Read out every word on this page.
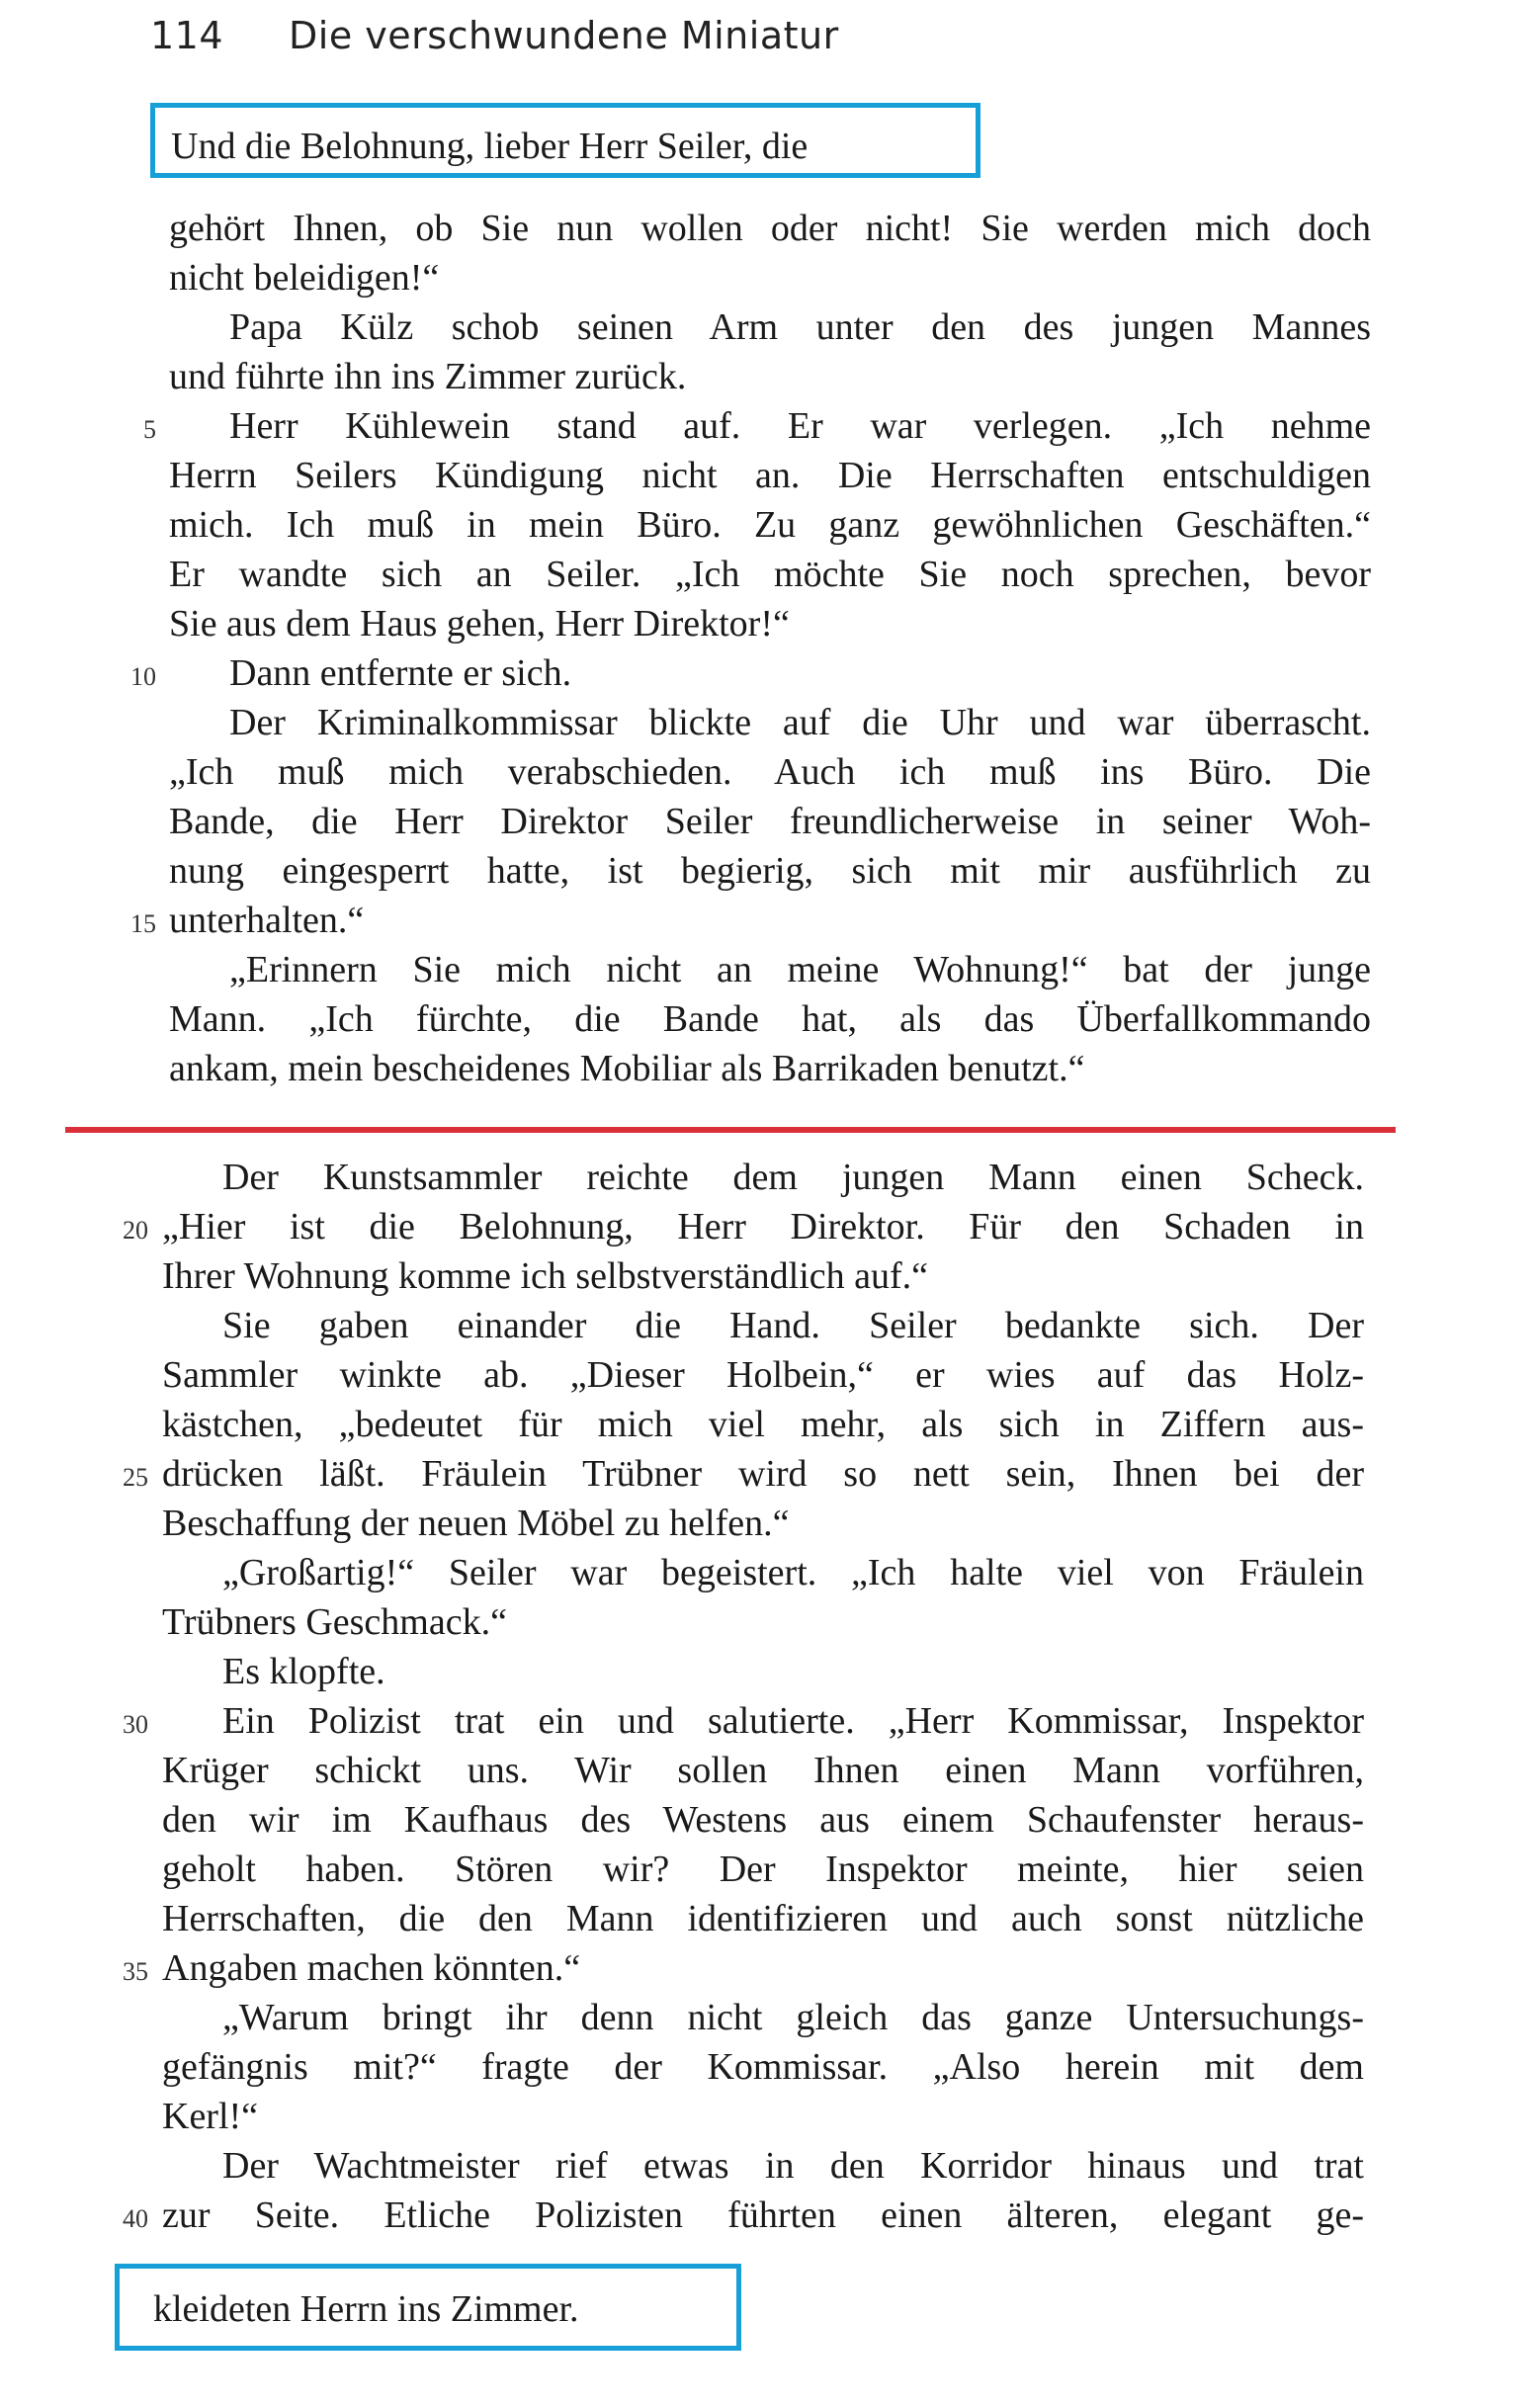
114 Die verschwundene Miniatur
Und die Belohnung, lieber Herr Seiler, die
gehört Ihnen, ob Sie nun wollen oder nicht! Sie werden mich doch
nicht beleidigen!“
Papa Külz schob seinen Arm unter den des jungen Mannes
und führte ihn ins Zimmer zurück.
Herr Kühlewein stand auf. Er war verlegen. „Ich nehme
Herrn Seilers Kündigung nicht an. Die Herrschaften entschuldigen
mich. Ich muß in mein Büro. Zu ganz gewöhnlichen Geschäften.“
Er wandte sich an Seiler. „Ich möchte Sie noch sprechen, bevor
Sie aus dem Haus gehen, Herr Direktor!“
Dann entfernte er sich.
Der Kriminalkommissar blickte auf die Uhr und war überrascht.
„Ich muß mich verabschieden. Auch ich muß ins Büro. Die
Bande, die Herr Direktor Seiler freundlicherweise in seiner Woh-
nung eingesperrt hatte, ist begierig, sich mit mir ausführlich zu
unterhalten.“
„Erinnern Sie mich nicht an meine Wohnung!“ bat der junge
Mann. „Ich fürchte, die Bande hat, als das Überfallkommando
ankam, mein bescheidenes Mobiliar als Barrikaden benutzt.“
5
10
15
Der Kunstsammler reichte dem jungen Mann einen Scheck.
„Hier ist die Belohnung, Herr Direktor. Für den Schaden in
Ihrer Wohnung komme ich selbstverständlich auf.“
Sie gaben einander die Hand. Seiler bedankte sich. Der
Sammler winkte ab. „Dieser Holbein,“ er wies auf das Holz-
kästchen, „bedeutet für mich viel mehr, als sich in Ziffern aus-
drücken läßt. Fräulein Trübner wird so nett sein, Ihnen bei der
Beschaffung der neuen Möbel zu helfen.“
„Großartig!“ Seiler war begeistert. „Ich halte viel von Fräulein
Trübners Geschmack.“
Es klopfte.
Ein Polizist trat ein und salutierte. „Herr Kommissar, Inspektor
Krüger schickt uns. Wir sollen Ihnen einen Mann vorführen,
den wir im Kaufhaus des Westens aus einem Schaufenster heraus-
geholt haben. Stören wir? Der Inspektor meinte, hier seien
Herrschaften, die den Mann identifizieren und auch sonst nützliche
Angaben machen könnten.“
„Warum bringt ihr denn nicht gleich das ganze Untersuchungs-
gefängnis mit?“ fragte der Kommissar. „Also herein mit dem
Kerl!“
Der Wachtmeister rief etwas in den Korridor hinaus und trat
zur Seite. Etliche Polizisten führten einen älteren, elegant ge-
20
25
30
35
40
kleideten Herrn ins Zimmer.
